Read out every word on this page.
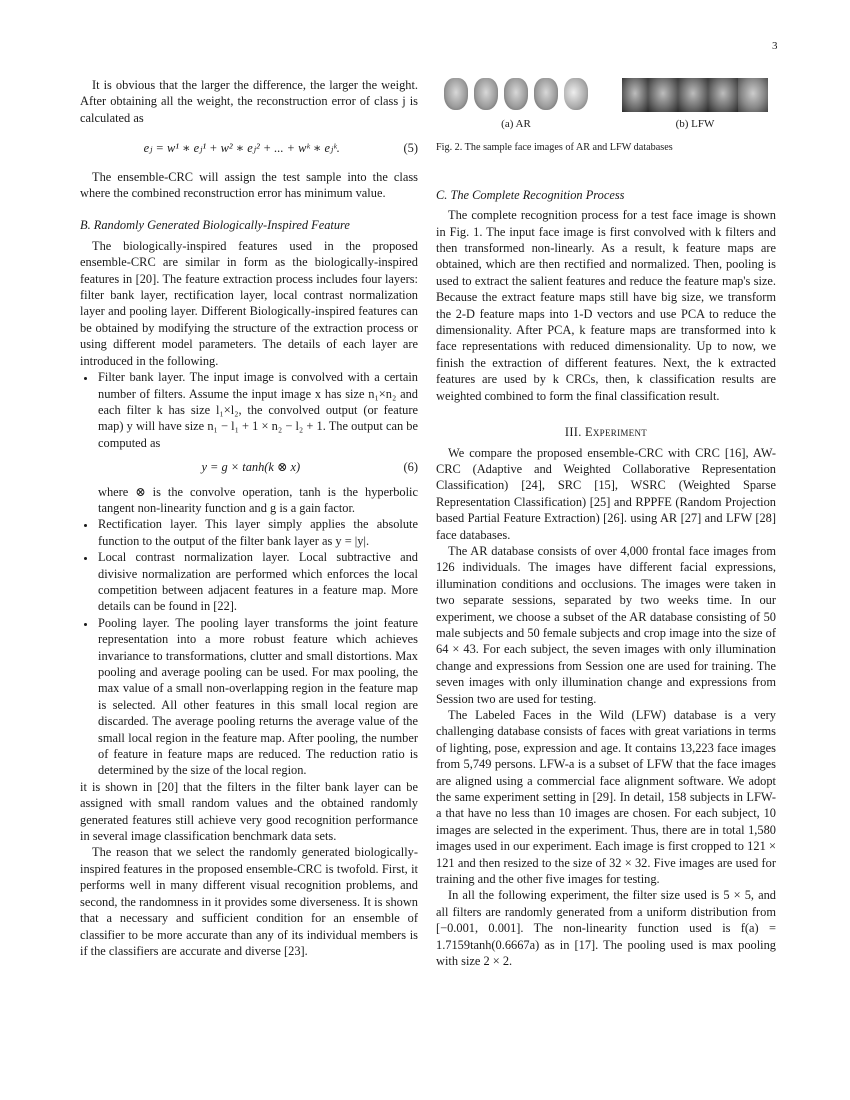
3

It is obvious that the larger the difference, the larger the weight. After obtaining all the weight, the reconstruction error of class j is calculated as

eⱼ = w¹ ∗ eⱼ¹ + w² ∗ eⱼ² + ... + wᵏ ∗ eⱼᵏ.	(5)

The ensemble-CRC will assign the test sample into the class where the combined reconstruction error has minimum value.

B. Randomly Generated Biologically-Inspired Feature

The biologically-inspired features used in the proposed ensemble-CRC are similar in form as the biologically-inspired features in [20]. The feature extraction process includes four layers: filter bank layer, rectification layer, local contrast normalization layer and pooling layer. Different Biologically-inspired features can be obtained by modifying the structure of the extraction process or using different model parameters. The details of each layer are introduced in the following.

• Filter bank layer. The input image is convolved with a certain number of filters. Assume the input image x has size n₁×n₂ and each filter k has size l₁×l₂, the convolved output (or feature map) y will have size n₁ − l₁ + 1 × n₂ − l₂ + 1. The output can be computed as
y = g × tanh(k ⊗ x)	(6)
where ⊗ is the convolve operation, tanh is the hyperbolic tangent non-linearity function and g is a gain factor.
• Rectification layer. This layer simply applies the absolute function to the output of the filter bank layer as y = |y|.
• Local contrast normalization layer. Local subtractive and divisive normalization are performed which enforces the local competition between adjacent features in a feature map. More details can be found in [22].
• Pooling layer. The pooling layer transforms the joint feature representation into a more robust feature which achieves invariance to transformations, clutter and small distortions. Max pooling and average pooling can be used. For max pooling, the max value of a small non-overlapping region in the feature map is selected. All other features in this small local region are discarded. The average pooling returns the average value of the small local region in the feature map. After pooling, the number of feature in feature maps are reduced. The reduction ratio is determined by the size of the local region.

it is shown in [20] that the filters in the filter bank layer can be assigned with small random values and the obtained randomly generated features still achieve very good recognition performance in several image classification benchmark data sets.

The reason that we select the randomly generated biologically-inspired features in the proposed ensemble-CRC is twofold. First, it performs well in many different visual recognition problems, and second, the randomness in it provides some diverseness. It is shown that a necessary and sufficient condition for an ensemble of classifier to be more accurate than any of its individual members is if the classifiers are accurate and diverse [23].

(a) AR	(b) LFW

Fig. 2. The sample face images of AR and LFW databases

C. The Complete Recognition Process

The complete recognition process for a test face image is shown in Fig. 1. The input face image is first convolved with k filters and then transformed non-linearly. As a result, k feature maps are obtained, which are then rectified and normalized. Then, pooling is used to extract the salient features and reduce the feature map's size. Because the extract feature maps still have big size, we transform the 2-D feature maps into 1-D vectors and use PCA to reduce the dimensionality. After PCA, k feature maps are transformed into k face representations with reduced dimensionality. Up to now, we finish the extraction of different features. Next, the k extracted features are used by k CRCs, then, k classification results are weighted combined to form the final classification result.

III. Experiment

We compare the proposed ensemble-CRC with CRC [16], AW-CRC (Adaptive and Weighted Collaborative Representation Classification) [24], SRC [15], WSRC (Weighted Sparse Representation Classification) [25] and RPPFE (Random Projection based Partial Feature Extraction) [26]. using AR [27] and LFW [28] face databases.

The AR database consists of over 4,000 frontal face images from 126 individuals. The images have different facial expressions, illumination conditions and occlusions. The images were taken in two separate sessions, separated by two weeks time. In our experiment, we choose a subset of the AR database consisting of 50 male subjects and 50 female subjects and crop image into the size of 64 × 43. For each subject, the seven images with only illumination change and expressions from Session one are used for training. The seven images with only illumination change and expressions from Session two are used for testing.

The Labeled Faces in the Wild (LFW) database is a very challenging database consists of faces with great variations in terms of lighting, pose, expression and age. It contains 13,223 face images from 5,749 persons. LFW-a is a subset of LFW that the face images are aligned using a commercial face alignment software. We adopt the same experiment setting in [29]. In detail, 158 subjects in LFW-a that have no less than 10 images are chosen. For each subject, 10 images are selected in the experiment. Thus, there are in total 1,580 images used in our experiment. Each image is first cropped to 121 × 121 and then resized to the size of 32 × 32. Five images are used for training and the other five images for testing.

In all the following experiment, the filter size used is 5 × 5, and all filters are randomly generated from a uniform distribution from [−0.001, 0.001]. The non-linearity function used is f(a) = 1.7159tanh(0.6667a) as in [17]. The pooling used is max pooling with size 2 × 2.
